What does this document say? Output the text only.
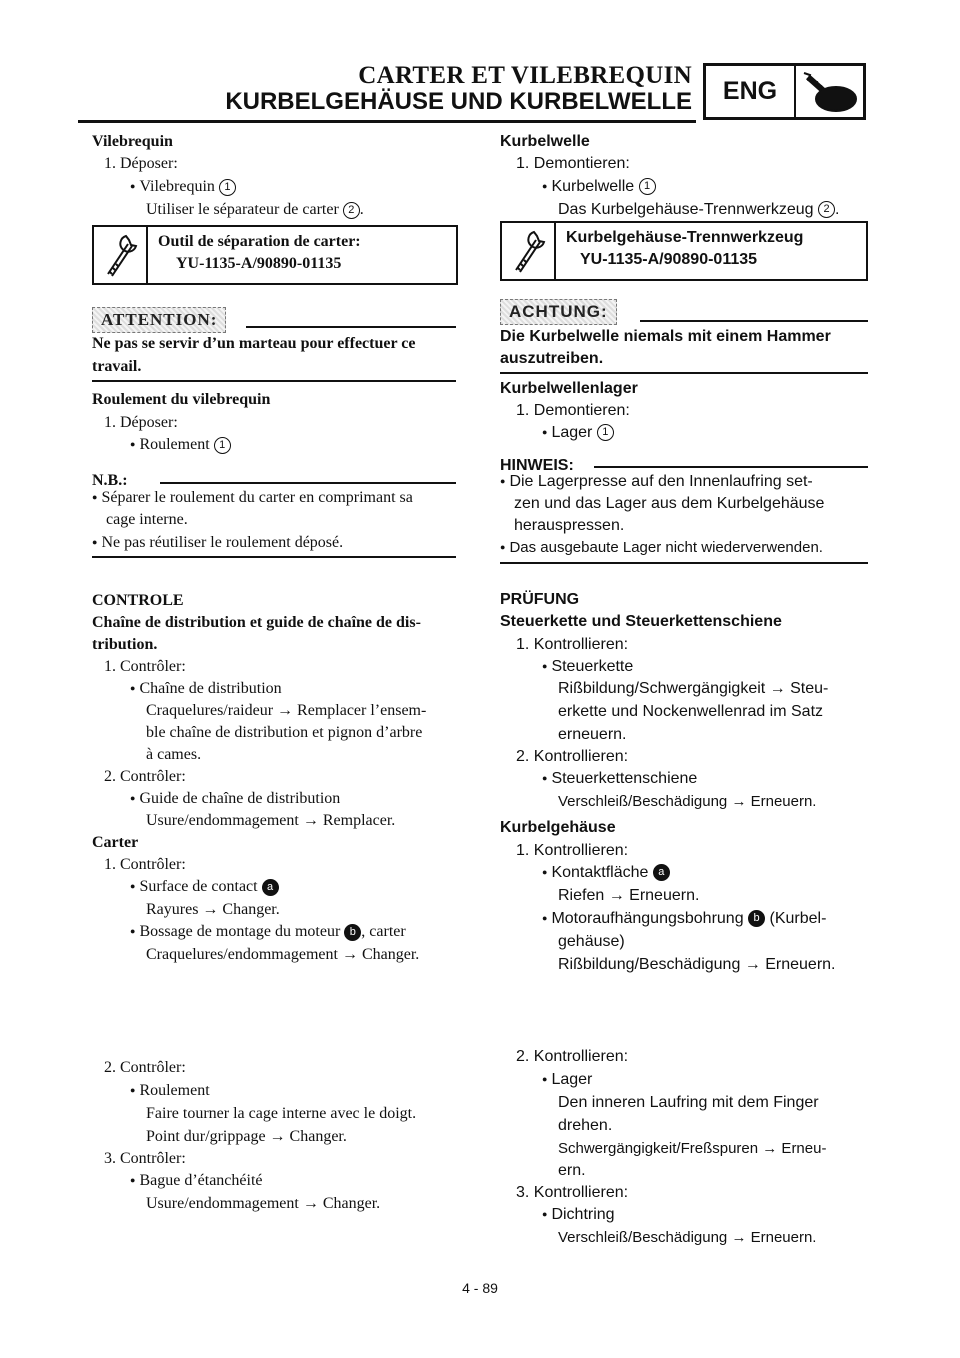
CARTER ET VILEBREQUIN
KURBELGEHÄUSE UND KURBELWELLE	ENG
Vilebrequin
1. Déposer:
● Vilebrequin 1
Utiliser le séparateur de carter 2 .
Outil de séparation de carter:
YU-1135-A/90890-01135
ATTENTION:
Ne pas se servir d’un marteau pour effectuer ce
travail.
Roulement du vilebrequin
1. Déposer:
● Roulement 1
N.B.:
● Séparer le roulement du carter en comprimant sa
cage interne.
● Ne pas réutiliser le roulement déposé.
CONTROLE
Chaîne de distribution et guide de chaîne de dis-
tribution.
1. Contrôler:
● Chaîne de distribution
Craquelures/raideur → Remplacer l’ensem-
ble chaîne de distribution et pignon d’arbre
à cames.
2. Contrôler:
● Guide de chaîne de distribution
Usure/endommagement → Remplacer.
Carter
1. Contrôler:
● Surface de contact a
Rayures → Changer.
● Bossage de montage du moteur b , carter
Craquelures/endommagement → Changer.
2. Contrôler:
● Roulement
Faire tourner la cage interne avec le doigt.
Point dur/grippage → Changer.
3. Contrôler:
● Bague d’étanchéité
Usure/endommagement → Changer.
Kurbelwelle
1. Demontieren:
● Kurbelwelle 1
Das Kurbelgehäuse-Trennwerkzeug 2 .
Kurbelgehäuse-Trennwerkzeug
YU-1135-A/90890-01135
ACHTUNG:
Die Kurbelwelle niemals mit einem Hammer
auszutreiben.
Kurbelwellenlager
1. Demontieren:
● Lager 1
HINWEIS:
● Die Lagerpresse auf den Innenlaufring set-
zen und das Lager aus dem Kurbelgehäuse
herauspressen.
● Das ausgebaute Lager nicht wiederverwenden.
PRÜFUNG
Steuerkette und Steuerkettenschiene
1. Kontrollieren:
● Steuerkette
Rißbildung/Schwergängigkeit → Steu-
erkette und Nockenwellenrad im Satz
erneuern.
2. Kontrollieren:
● Steuerkettenschiene
Verschleiß/Beschädigung → Erneuern.
Kurbelgehäuse
1. Kontrollieren:
● Kontaktfläche a
Riefen → Erneuern.
● Motoraufhängungsbohrung b (Kurbel-
gehäuse)
Rißbildung/Beschädigung → Erneuern.
2. Kontrollieren:
● Lager
Den inneren Laufring mit dem Finger
drehen.
Schwergängigkeit/Freßspuren → Erneu-
ern.
3. Kontrollieren:
● Dichtring
Verschleiß/Beschädigung → Erneuern.
4 - 89
